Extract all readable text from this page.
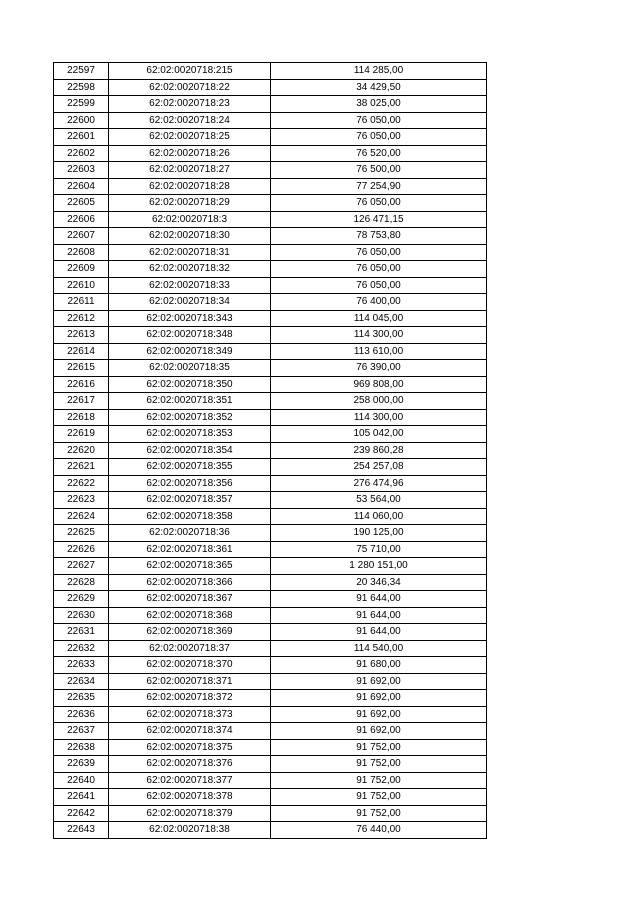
22597	62:02:0020718:215	114 285,00
22598	62:02:0020718:22	34 429,50
22599	62:02:0020718:23	38 025,00
22600	62:02:0020718:24	76 050,00
22601	62:02:0020718:25	76 050,00
22602	62:02:0020718:26	76 520,00
22603	62:02:0020718:27	76 500,00
22604	62:02:0020718:28	77 254,90
22605	62:02:0020718:29	76 050,00
22606	62:02:0020718:3	126 471,15
22607	62:02:0020718:30	78 753,80
22608	62:02:0020718:31	76 050,00
22609	62:02:0020718:32	76 050,00
22610	62:02:0020718:33	76 050,00
22611	62:02:0020718:34	76 400,00
22612	62:02:0020718:343	114 045,00
22613	62:02:0020718:348	114 300,00
22614	62:02:0020718:349	113 610,00
22615	62:02:0020718:35	76 390,00
22616	62:02:0020718:350	969 808,00
22617	62:02:0020718:351	258 000,00
22618	62:02:0020718:352	114 300,00
22619	62:02:0020718:353	105 042,00
22620	62:02:0020718:354	239 860,28
22621	62:02:0020718:355	254 257,08
22622	62:02:0020718:356	276 474,96
22623	62:02:0020718:357	53 564,00
22624	62:02:0020718:358	114 060,00
22625	62:02:0020718:36	190 125,00
22626	62:02:0020718:361	75 710,00
22627	62:02:0020718:365	1 280 151,00
22628	62:02:0020718:366	20 346,34
22629	62:02:0020718:367	91 644,00
22630	62:02:0020718:368	91 644,00
22631	62:02:0020718:369	91 644,00
22632	62:02:0020718:37	114 540,00
22633	62:02:0020718:370	91 680,00
22634	62:02:0020718:371	91 692,00
22635	62:02:0020718:372	91 692,00
22636	62:02:0020718:373	91 692,00
22637	62:02:0020718:374	91 692,00
22638	62:02:0020718:375	91 752,00
22639	62:02:0020718:376	91 752,00
22640	62:02:0020718:377	91 752,00
22641	62:02:0020718:378	91 752,00
22642	62:02:0020718:379	91 752,00
22643	62:02:0020718:38	76 440,00
